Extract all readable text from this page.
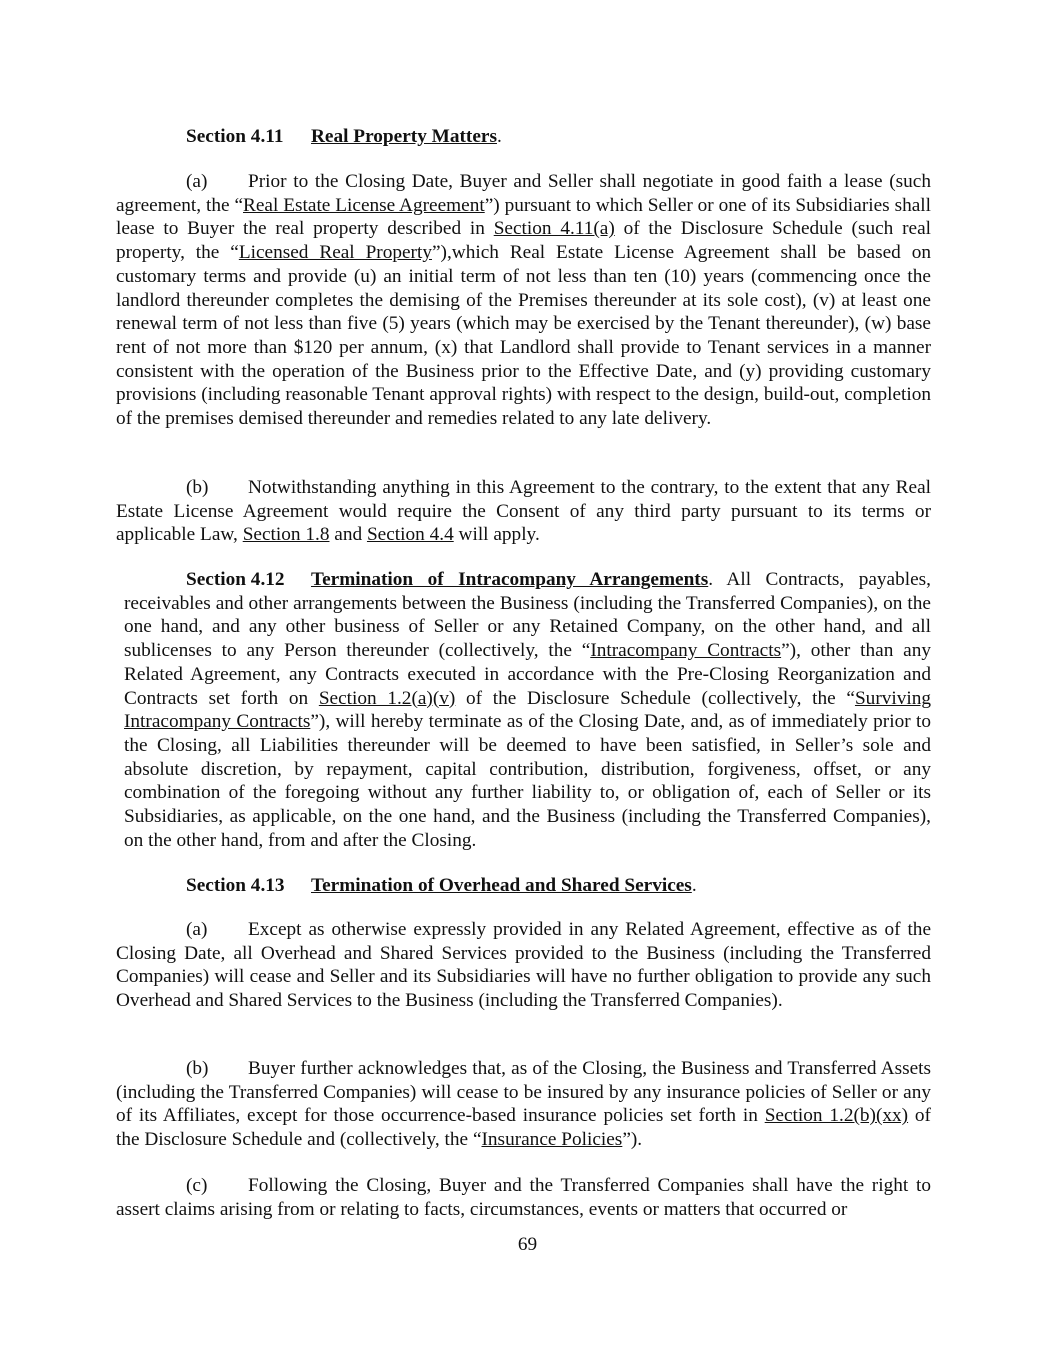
Section 4.11 Real Property Matters.

(a) Prior to the Closing Date, Buyer and Seller shall negotiate in good faith a lease (such agreement, the “Real Estate License Agreement”) pursuant to which Seller or one of its Subsidiaries shall lease to Buyer the real property described in Section 4.11(a) of the Disclosure Schedule (such real property, the “Licensed Real Property”),which Real Estate License Agreement shall be based on customary terms and provide (u) an initial term of not less than ten (10) years (commencing once the landlord thereunder completes the demising of the Premises thereunder at its sole cost), (v) at least one renewal term of not less than five (5) years (which may be exercised by the Tenant thereunder), (w) base rent of not more than $120 per annum, (x) that Landlord shall provide to Tenant services in a manner consistent with the operation of the Business prior to the Effective Date, and (y) providing customary provisions (including reasonable Tenant approval rights) with respect to the design, build-out, completion of the premises demised thereunder and remedies related to any late delivery.

(b) Notwithstanding anything in this Agreement to the contrary, to the extent that any Real Estate License Agreement would require the Consent of any third party pursuant to its terms or applicable Law, Section 1.8 and Section 4.4 will apply.

Section 4.12 Termination of Intracompany Arrangements. All Contracts, payables, receivables and other arrangements between the Business (including the Transferred Companies), on the one hand, and any other business of Seller or any Retained Company, on the other hand, and all sublicenses to any Person thereunder (collectively, the “Intracompany Contracts”), other than any Related Agreement, any Contracts executed in accordance with the Pre-Closing Reorganization and Contracts set forth on Section 1.2(a)(v) of the Disclosure Schedule (collectively, the “Surviving Intracompany Contracts”), will hereby terminate as of the Closing Date, and, as of immediately prior to the Closing, all Liabilities thereunder will be deemed to have been satisfied, in Seller’s sole and absolute discretion, by repayment, capital contribution, distribution, forgiveness, offset, or any combination of the foregoing without any further liability to, or obligation of, each of Seller or its Subsidiaries, as applicable, on the one hand, and the Business (including the Transferred Companies), on the other hand, from and after the Closing.

Section 4.13 Termination of Overhead and Shared Services.

(a) Except as otherwise expressly provided in any Related Agreement, effective as of the Closing Date, all Overhead and Shared Services provided to the Business (including the Transferred Companies) will cease and Seller and its Subsidiaries will have no further obligation to provide any such Overhead and Shared Services to the Business (including the Transferred Companies).

(b) Buyer further acknowledges that, as of the Closing, the Business and Transferred Assets (including the Transferred Companies) will cease to be insured by any insurance policies of Seller or any of its Affiliates, except for those occurrence-based insurance policies set forth in Section 1.2(b)(xx) of the Disclosure Schedule and (collectively, the “Insurance Policies”).

(c) Following the Closing, Buyer and the Transferred Companies shall have the right to assert claims arising from or relating to facts, circumstances, events or matters that occurred or

69
